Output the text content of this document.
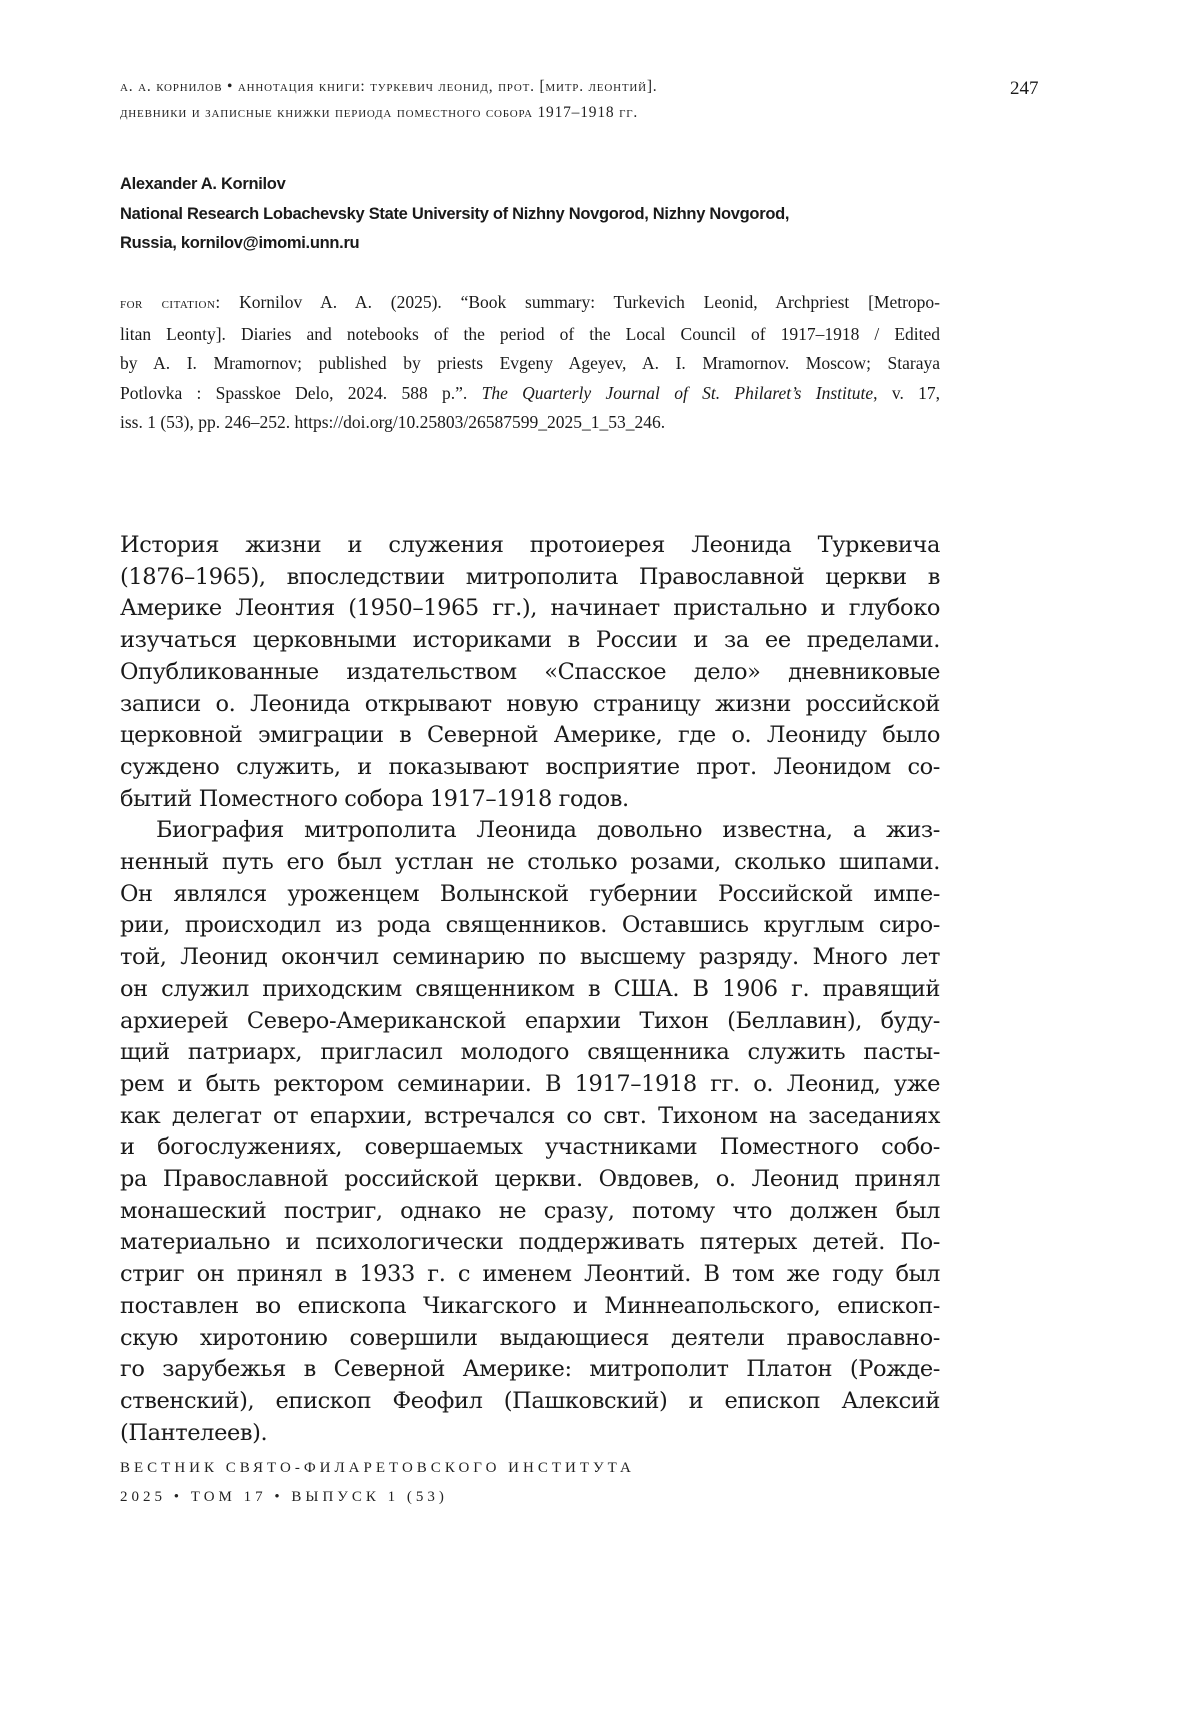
а. а. корнилов • аннотация книги: туркевич леонид, прот. [митр. леонтий].
дневники и записные книжки периода поместного собора 1917–1918 гг.
247
Alexander A. Kornilov
National Research Lobachevsky State University of Nizhny Novgorod, Nizhny Novgorod,
Russia, kornilov@imomi.unn.ru
for citation: Kornilov A. A. (2025). “Book summary: Turkevich Leonid, Archpriest [Metropo-
litan Leonty]. Diaries and notebooks of the period of the Local Council of 1917–1918 / Edited
by A. I. Mramornov; published by priests Evgeny Ageyev, A. I. Mramornov. Moscow; Staraya
Potlovka : Spasskoe Delo, 2024. 588 p.”. The Quarterly Journal of St. Philaret’s Institute, v. 17,
iss. 1 (53), pp. 246–252. https://doi.org/10.25803/26587599_2025_1_53_246.
История жизни и служения протоиерея Леонида Туркевича
(1876–1965), впоследствии митрополита Православной церкви в
Америке Леонтия (1950–1965 гг.), начинает пристально и глубоко
изучаться церковными историками в России и за ее пределами.
Опубликованные издательством «Спасское дело» дневниковые
записи о. Леонида открывают новую страницу жизни российской
церковной эмиграции в Северной Америке, где о. Леониду было
суждено служить, и показывают восприятие прот. Леонидом со-
бытий Поместного собора 1917–1918 годов.
Биография митрополита Леонида довольно известна, а жиз-
ненный путь его был устлан не столько розами, сколько шипами.
Он являлся уроженцем Волынской губернии Российской импе-
рии, происходил из рода священников. Оставшись круглым сиро-
той, Леонид окончил семинарию по высшему разряду. Много лет
он служил приходским священником в США. В 1906 г. правящий
архиерей Северо-Американской епархии Тихон (Беллавин), буду-
щий патриарх, пригласил молодого священника служить пасты-
рем и быть ректором семинарии. В 1917–1918 гг. о. Леонид, уже
как делегат от епархии, встречался со свт. Тихоном на заседаниях
и богослужениях, совершаемых участниками Поместного собо-
ра Православной российской церкви. Овдовев, о. Леонид принял
монашеский постриг, однако не сразу, потому что должен был
материально и психологически поддерживать пятерых детей. По-
стриг он принял в 1933 г. с именем Леонтий. В том же году был
поставлен во епископа Чикагского и Миннеапольского, епископ-
скую хиротонию совершили выдающиеся деятели православно-
го зарубежья в Северной Америке: митрополит Платон (Рожде-
ственский), епископ Феофил (Пашковский) и епископ Алексий
(Пантелеев).
ВЕСТНИК СВЯТО-ФИЛАРЕТОВСКОГО ИНСТИТУТА
2025 • ТОМ 17 • ВЫПУСК 1 (53)
